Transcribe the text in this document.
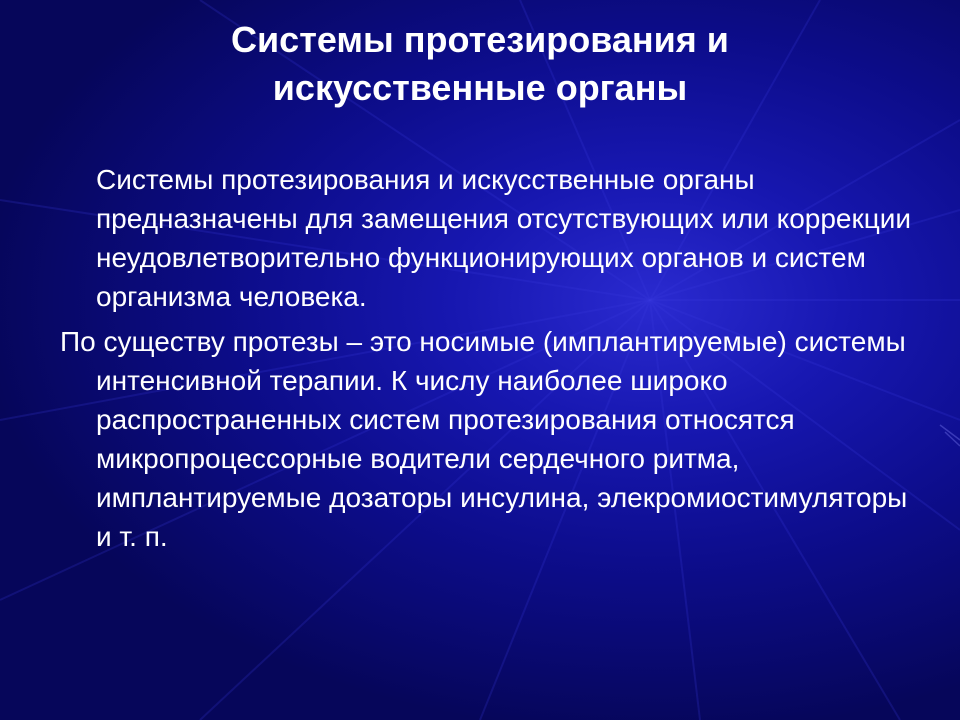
Системы протезирования и искусственные органы

Системы протезирования и искусственные органы предназначены для замещения отсутствующих или коррекции неудовлетворительно функционирующих органов и систем организма человека.

По существу протезы – это носимые (имплантируемые) системы интенсивной терапии. К числу наиболее широко распространенных систем протезирования относятся микропроцессорные водители сердечного ритма, имплантируемые дозаторы инсулина, элекромиостимуляторы и т. п.
